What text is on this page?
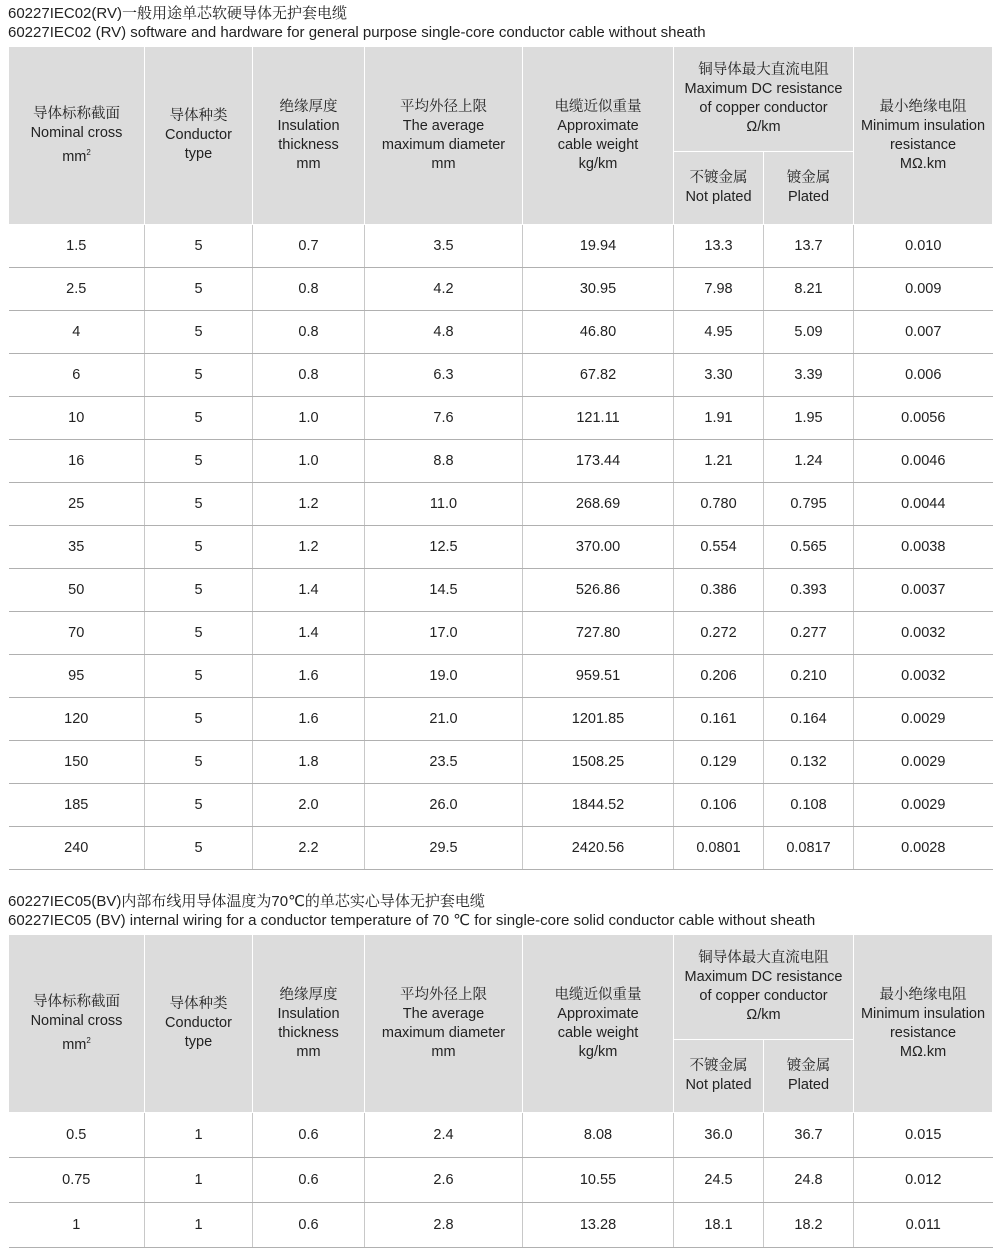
60227IEC02(RV)一般用途单芯软硬导体无护套电缆
60227IEC02 (RV) software and hardware for general purpose single-core conductor cable without sheath
导体标称截面
Nominal cross
$mm^2$	导体种类
Conductor
type	绝缘厚度
Insulation
thickness
mm	平均外径上限
The average
maximum diameter
mm	电缆近似重量
Approximate
cable weight
kg/km	铜导体最大直流电阻
Maximum DC resistance
of copper conductor
Ω/km		最小绝缘电阻
Minimum insulation
resistance
MΩ.km

					不镀金属
Not plated	镀金属
Plated	

1.5	5	0.7	3.5	19.94	13.3	13.7	0.010
2.5	5	0.8	4.2	30.95	7.98	8.21	0.009
4	5	0.8	4.8	46.80	4.95	5.09	0.007
6	5	0.8	6.3	67.82	3.30	3.39	0.006
10	5	1.0	7.6	121.11	1.91	1.95	0.0056
16	5	1.0	8.8	173.44	1.21	1.24	0.0046
25	5	1.2	11.0	268.69	0.780	0.795	0.0044
35	5	1.2	12.5	370.00	0.554	0.565	0.0038
50	5	1.4	14.5	526.86	0.386	0.393	0.0037
70	5	1.4	17.0	727.80	0.272	0.277	0.0032
95	5	1.6	19.0	959.51	0.206	0.210	0.0032
120	5	1.6	21.0	1201.85	0.161	0.164	0.0029
150	5	1.8	23.5	1508.25	0.129	0.132	0.0029
185	5	2.0	26.0	1844.52	0.106	0.108	0.0029
240	5	2.2	29.5	2420.56	0.0801	0.0817	0.0028
60227IEC05(BV)内部布线用导体温度为70℃的单芯实心导体无护套电缆
60227IEC05 (BV) internal wiring for a conductor temperature of 70 ℃ for single-core solid conductor cable without sheath
导体标称截面
Nominal cross
$mm^2$	导体种类
Conductor
type	绝缘厚度
Insulation
thickness
mm	平均外径上限
The average
maximum diameter
mm	电缆近似重量
Approximate
cable weight
kg/km	铜导体最大直流电阻
Maximum DC resistance
of copper conductor
Ω/km		最小绝缘电阻
Minimum insulation
resistance
MΩ.km

					不镀金属
Not plated	镀金属
Plated	

0.5	1	0.6	2.4	8.08	36.0	36.7	0.015
0.75	1	0.6	2.6	10.55	24.5	24.8	0.012
1	1	0.6	2.8	13.28	18.1	18.2	0.011
